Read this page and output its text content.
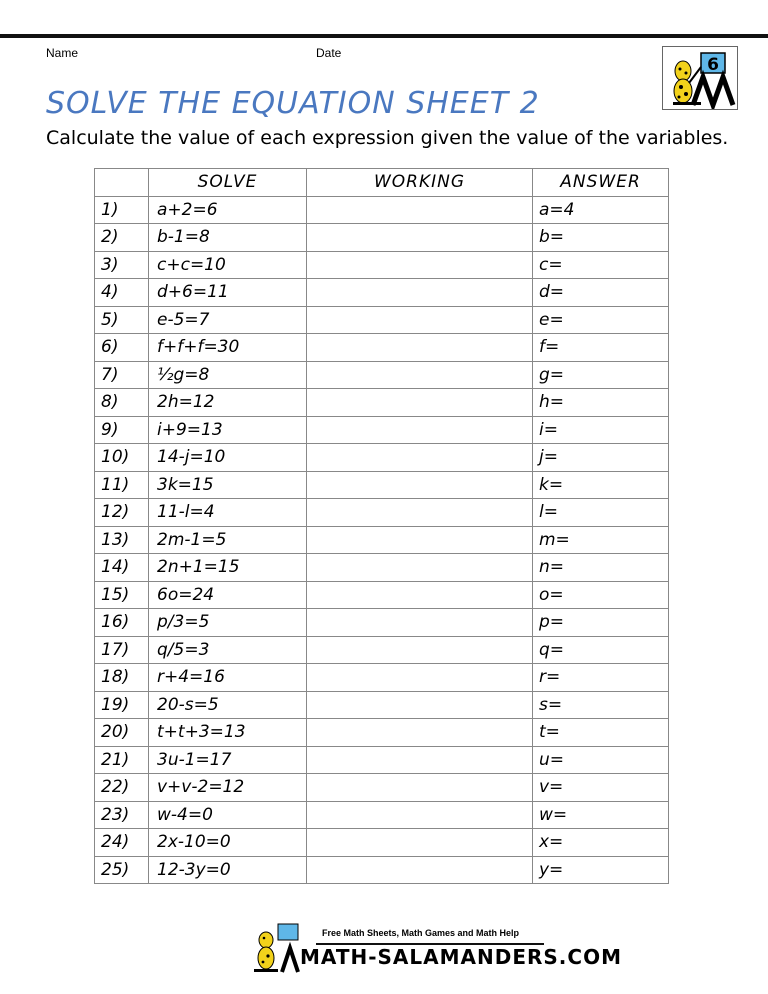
Name	Date
6
SOLVE THE EQUATION SHEET 2
Calculate the value of each expression given the value of the variables.
	SOLVE	WORKING	ANSWER
1)	a+2=6		a=4
2)	b-1=8		b=
3)	c+c=10		c=
4)	d+6=11		d=
5)	e-5=7		e=
6)	f+f+f=30		f=
7)	½g=8		g=
8)	2h=12		h=
9)	i+9=13		i=
10)	14-j=10		j=
11)	3k=15		k=
12)	11-l=4		l=
13)	2m-1=5		m=
14)	2n+1=15		n=
15)	6o=24		o=
16)	p/3=5		p=
17)	q/5=3		q=
18)	r+4=16		r=
19)	20-s=5		s=
20)	t+t+3=13		t=
21)	3u-1=17		u=
22)	v+v-2=12		v=
23)	w-4=0		w=
24)	2x-10=0		x=
25)	12-3y=0		y=
Free Math Sheets, Math Games and Math Help
MATH-SALAMANDERS.COM
